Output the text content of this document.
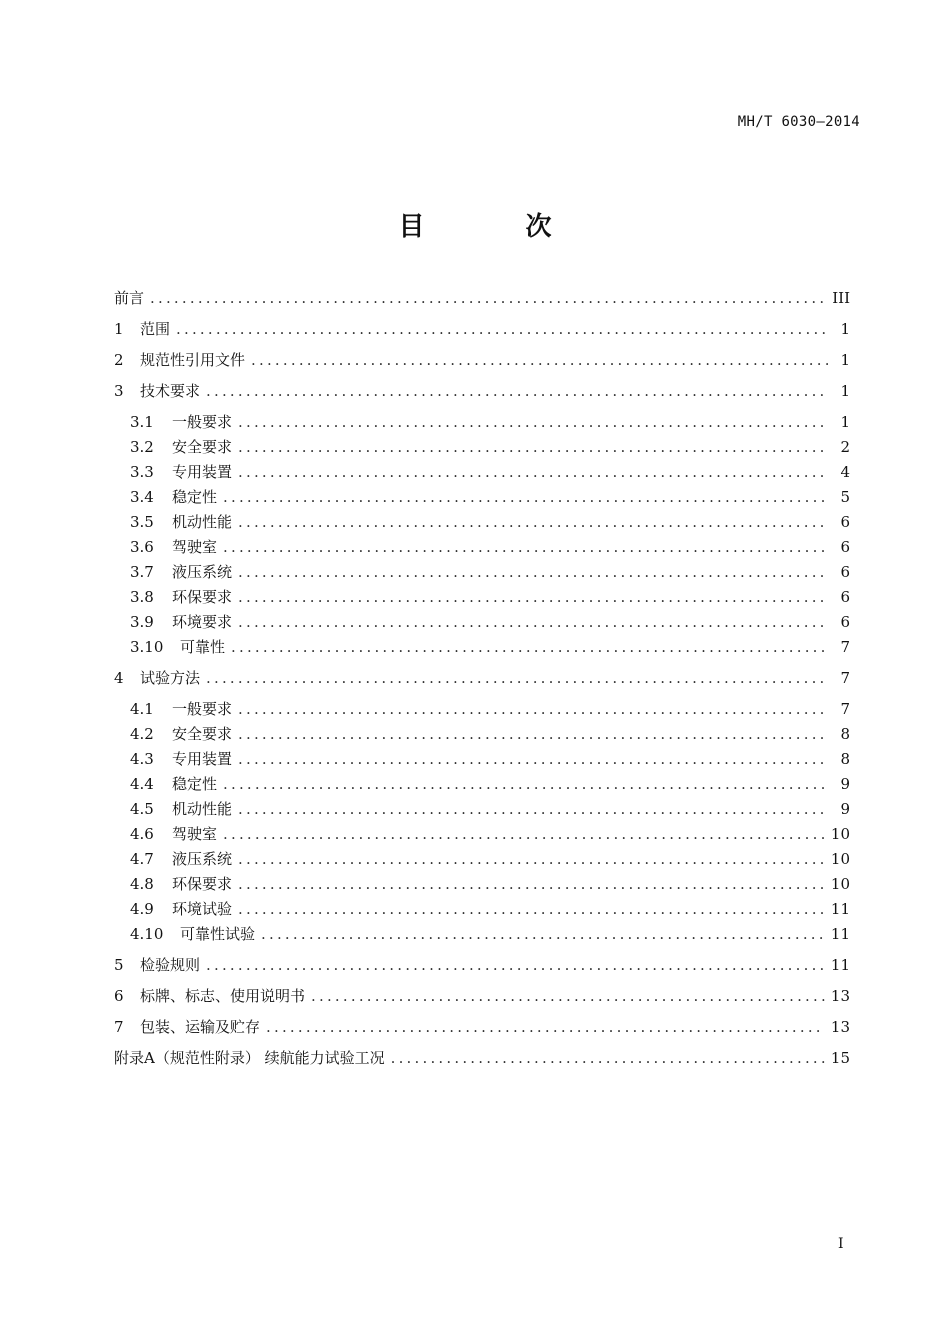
MH/T 6030—2014
目 次
前言 .....	III
1	范围 .....	1
2	规范性引用文件 .....	1
3	技术要求 .....	1
3.1	一般要求 .....	1
3.2	安全要求 .....	2
3.3	专用装置 .....	4
3.4	稳定性 .....	5
3.5	机动性能 .....	6
3.6	驾驶室 .....	6
3.7	液压系统 .....	6
3.8	环保要求 .....	6
3.9	环境要求 .....	6
3.10	可靠性 .....	7
4	试验方法 .....	7
4.1	一般要求 .....	7
4.2	安全要求 .....	8
4.3	专用装置 .....	8
4.4	稳定性 .....	9
4.5	机动性能 .....	9
4.6	驾驶室 .....	10
4.7	液压系统 .....	10
4.8	环保要求 .....	10
4.9	环境试验 .....	11
4.10	可靠性试验 .....	11
5	检验规则 .....	11
6	标牌、标志、使用说明书 .....	13
7	包装、运输及贮存 .....	13
附录A（规范性附录） 续航能力试验工况 .....	15
I
